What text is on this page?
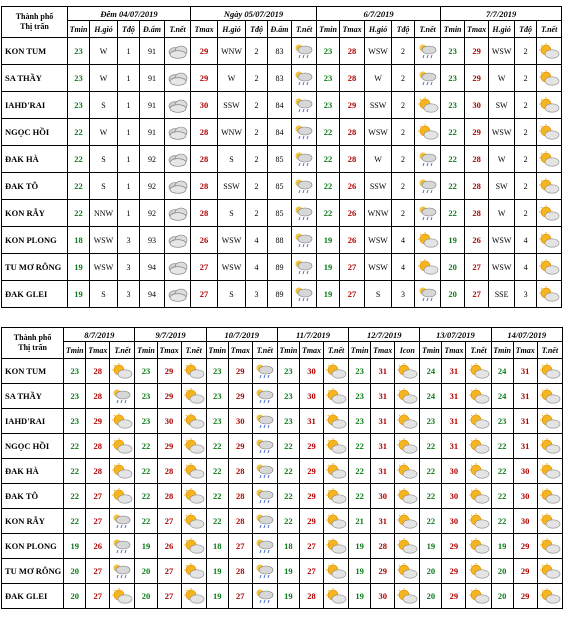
Thành phố
Thị trấn	Đêm 04/07/2019					Ngày 05/07/2019					6/7/2019					7/7/2019				
	Tmin	H.gió	Tđộ	Đ.ẩm	T.nết	Tmax	H.gió	Tđộ	Đ.ẩm	T.nết	Tmin	Tmax	H.gió	Tđộ	T.nết	Tmin	Tmax	H.gió	Tđộ	T.nết
KON TUM	23	W	1	91		29	WNW	2	83		23	28	WSW	2		23	29	WSW	2	

SA THẦY	23	W	1	91		29	W	2	83		23	28	W	2		23	29	W	2	

IAHD'RAI	23	S	1	91		30	SSW	2	84		23	29	SSW	2		23	30	SW	2	

NGỌC HỒI	22	W	1	91		28	WNW	2	84		22	28	WSW	2		22	29	WSW	2	

ĐAK HÀ	22	S	1	92		28	S	2	85		22	28	W	2		22	28	W	2	

ĐAK TÔ	22	S	1	92		28	SSW	2	85		22	26	SSW	2		22	28	SW	2	

KON RẪY	22	NNW	1	92		28	S	2	85		22	26	WNW	2		22	28	W	2	

KON PLONG	18	WSW	3	93		26	WSW	4	88		19	26	WSW	4		19	26	WSW	4	

TU MƠ RÔNG	19	WSW	3	94		27	WSW	4	89		19	27	WSW	4		20	27	WSW	4	

ĐAK GLEI	19	S	3	94		27	S	3	89		19	27	S	3		20	27	SSE	3	
Thành phố
Thị trấn	8/7/2019			9/7/2019			10/7/2019			11/7/2019			12/7/2019			13/07/2019			14/07/2019		
	Tmin	Tmax	T.nết	Tmin	Tmax	T.nết	Tmin	Tmax	T.nết	Tmin	Tmax	T.nết	Tmin	Tmax	Icon	Tmin	Tmax	T.nết	Tmin	Tmax	T.nết
KON TUM	23	28		23	29		23	29		23	30		23	31		24	31		24	31	

SA THẦY	23	28		23	29		23	29		23	30		23	31		24	31		24	31	

IAHD'RAI	23	29		23	30		23	30		23	31		23	31		23	31		23	31	

NGỌC HỒI	22	28		22	29		22	29		22	29		22	31		22	31		22	31	

ĐAK HÀ	22	28		22	28		22	28		22	29		22	31		22	30		22	30	

ĐAK TÔ	22	27		22	28		22	28		22	29		22	30		22	30		22	30	

KON RẪY	22	27		22	27		22	28		22	29		21	31		22	30		22	30	

KON PLONG	19	26		19	26		18	27		18	27		19	28		19	29		19	29	

TU MƠ RÔNG	20	27		20	27		19	28		19	27		19	29		20	29		20	29	

ĐAK GLEI	20	27		20	27		19	27		19	28		19	30		20	29		20	29	
